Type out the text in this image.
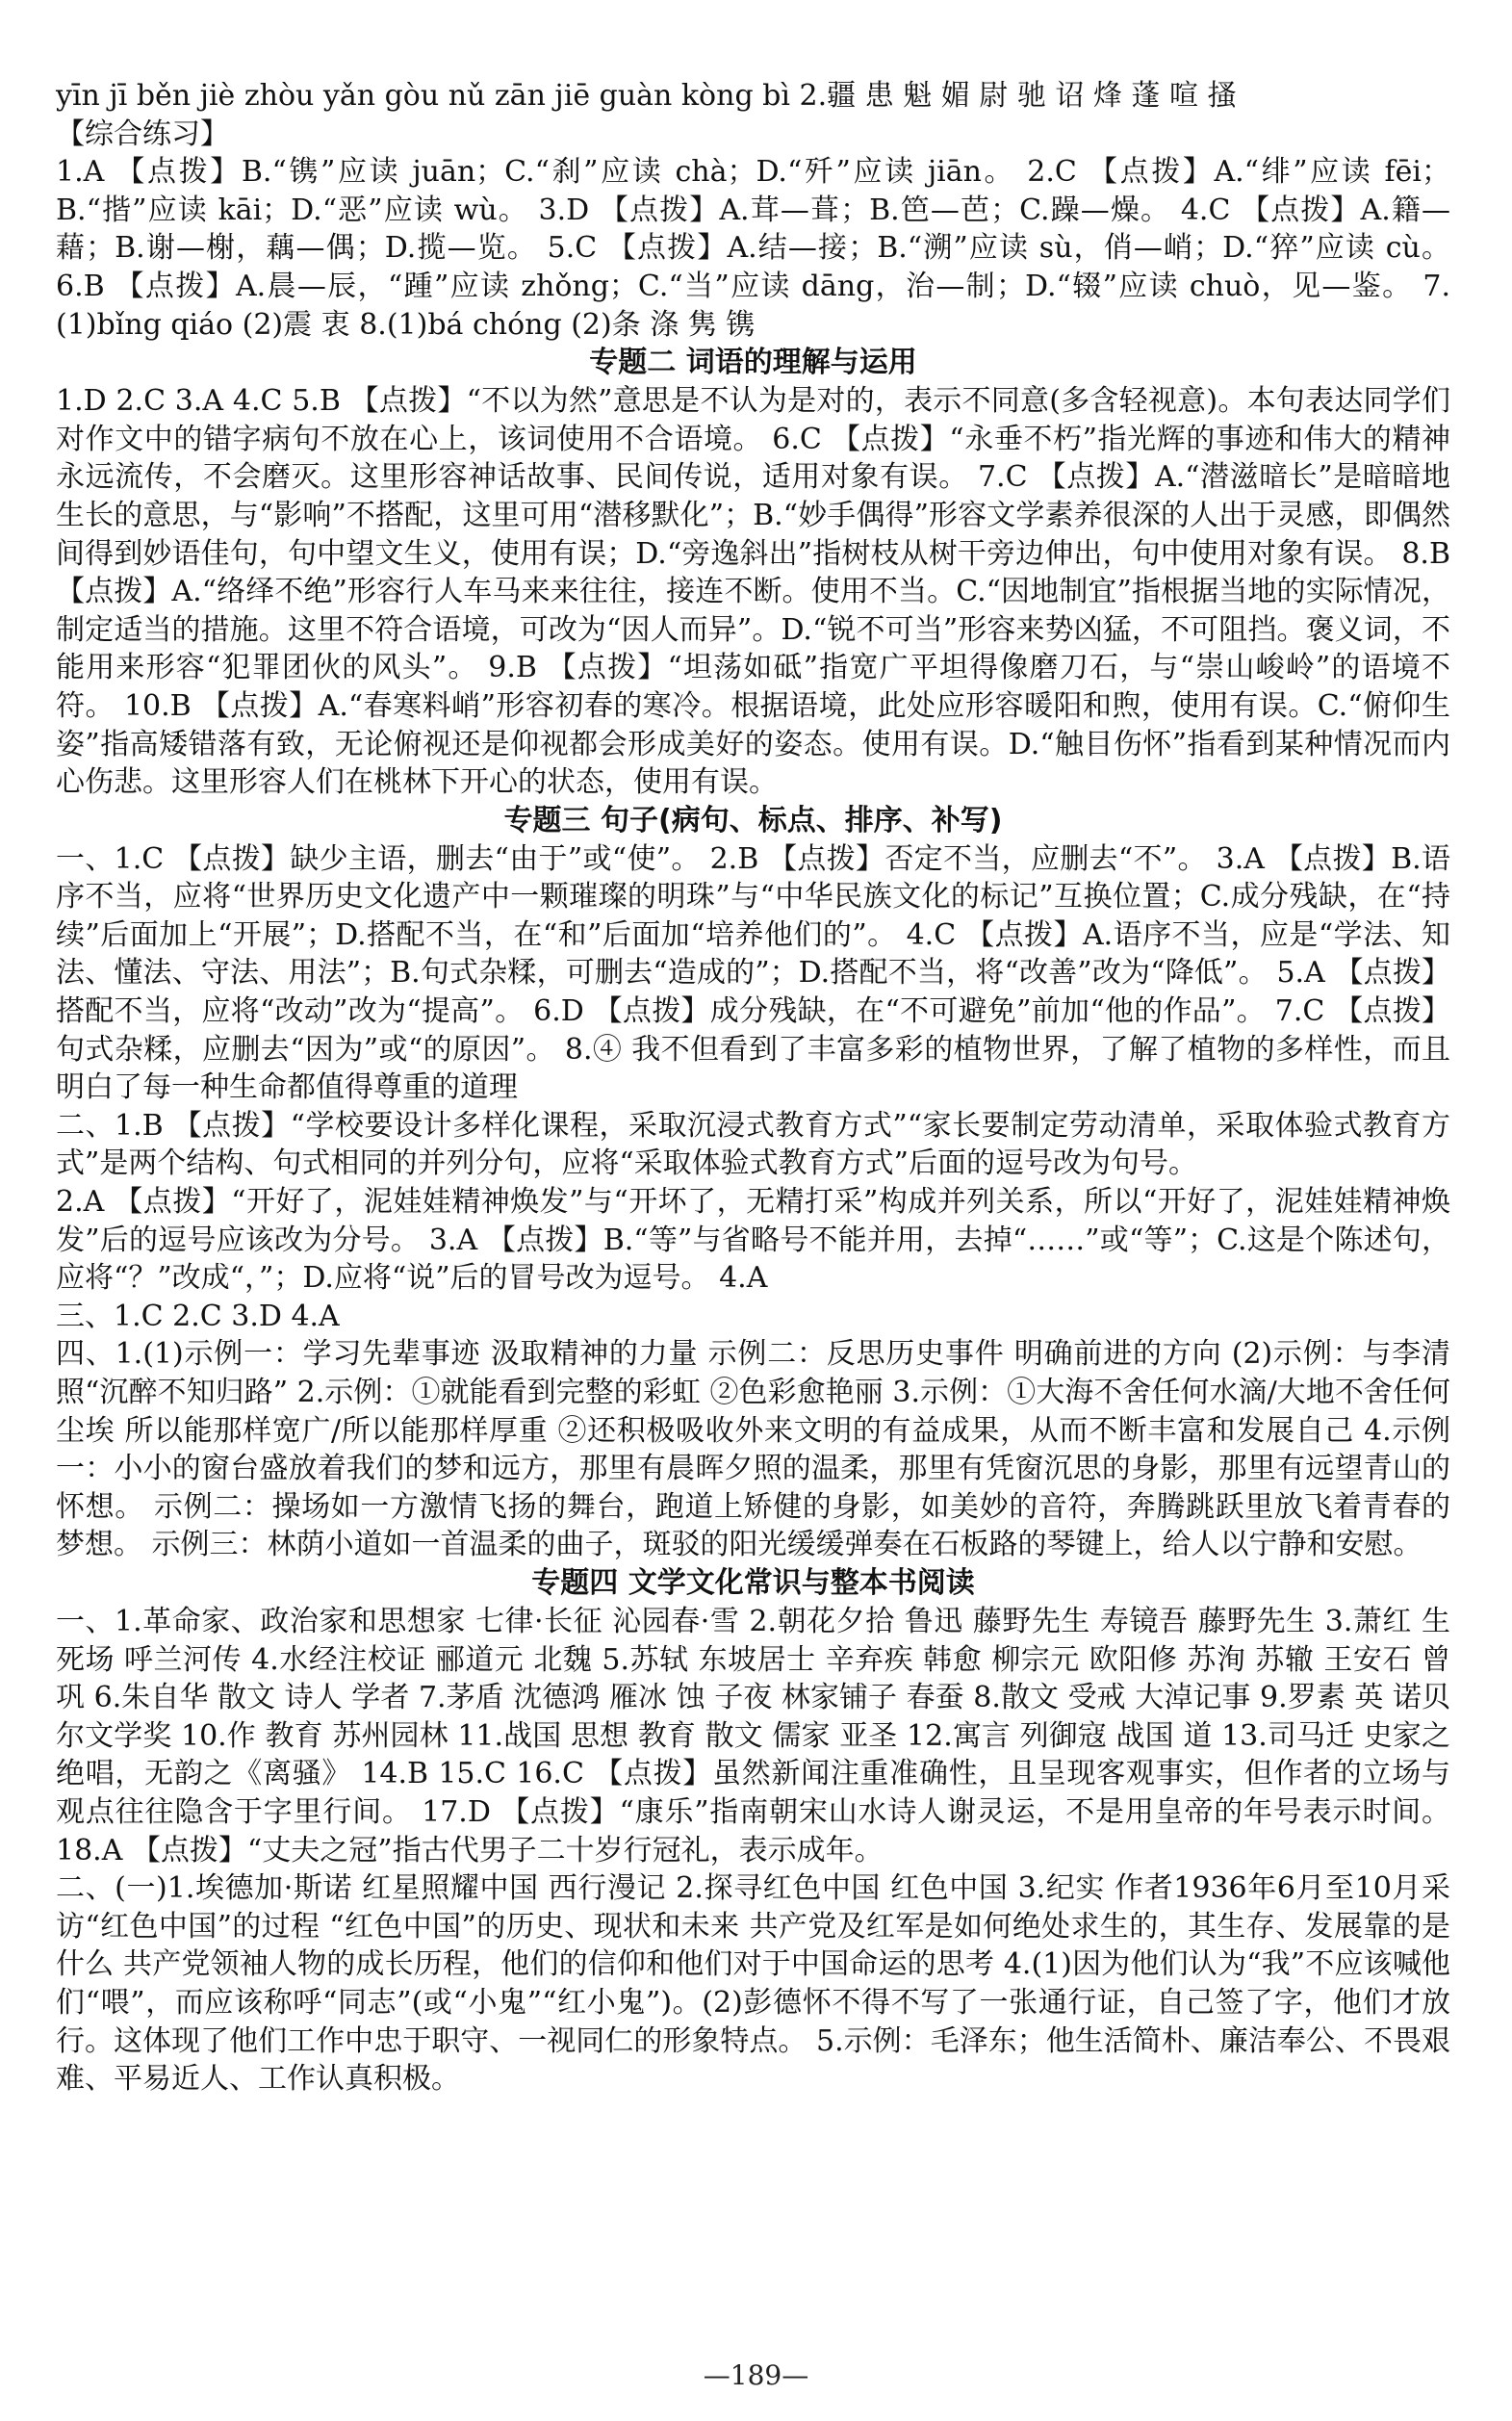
yīn jī běn jiè zhòu yǎn gòu nǔ zān jiē guàn kòng bì 2.疆 患 魁 媚 尉 驰 诏 烽 蓬 喧 搔

【综合练习】

1.A 【点拨】B.“镌”应读 juān；C.“刹”应读 chà；D.“歼”应读 jiān。 2.C 【点拨】A.“绯”应读 fēi；B.“揩”应读 kāi；D.“恶”应读 wù。 3.D 【点拨】A.茸—葺；B.笆—芭；C.躁—燥。 4.C 【点拨】A.籍—藉；B.谢—榭，藕—偶；D.揽—览。 5.C 【点拨】A.结—接；B.“溯”应读 sù，俏—峭；D.“猝”应读 cù。 6.B 【点拨】A.晨—辰，“踵”应读 zhǒng；C.“当”应读 dāng，治—制；D.“辍”应读 chuò，见—鉴。 7.(1)bǐng qiáo (2)震 衷 8.(1)bá chóng (2)条 涤 隽 镌

专题二 词语的理解与运用

1.D 2.C 3.A 4.C 5.B 【点拨】“不以为然”意思是不认为是对的，表示不同意(多含轻视意)。本句表达同学们对作文中的错字病句不放在心上，该词使用不合语境。 6.C 【点拨】“永垂不朽”指光辉的事迹和伟大的精神永远流传，不会磨灭。这里形容神话故事、民间传说，适用对象有误。 7.C 【点拨】A.“潜滋暗长”是暗暗地生长的意思，与“影响”不搭配，这里可用“潜移默化”；B.“妙手偶得”形容文学素养很深的人出于灵感，即偶然间得到妙语佳句，句中望文生义，使用有误；D.“旁逸斜出”指树枝从树干旁边伸出，句中使用对象有误。 8.B 【点拨】A.“络绎不绝”形容行人车马来来往往，接连不断。使用不当。C.“因地制宜”指根据当地的实际情况，制定适当的措施。这里不符合语境，可改为“因人而异”。D.“锐不可当”形容来势凶猛，不可阻挡。褒义词，不能用来形容“犯罪团伙的风头”。 9.B 【点拨】“坦荡如砥”指宽广平坦得像磨刀石，与“崇山峻岭”的语境不符。 10.B 【点拨】A.“春寒料峭”形容初春的寒冷。根据语境，此处应形容暖阳和煦，使用有误。C.“俯仰生姿”指高矮错落有致，无论俯视还是仰视都会形成美好的姿态。使用有误。D.“触目伤怀”指看到某种情况而内心伤悲。这里形容人们在桃林下开心的状态，使用有误。

专题三 句子(病句、标点、排序、补写)

一、1.C 【点拨】缺少主语，删去“由于”或“使”。 2.B 【点拨】否定不当，应删去“不”。 3.A 【点拨】B.语序不当，应将“世界历史文化遗产中一颗璀璨的明珠”与“中华民族文化的标记”互换位置；C.成分残缺，在“持续”后面加上“开展”；D.搭配不当，在“和”后面加“培养他们的”。 4.C 【点拨】A.语序不当，应是“学法、知法、懂法、守法、用法”；B.句式杂糅，可删去“造成的”；D.搭配不当，将“改善”改为“降低”。 5.A 【点拨】搭配不当，应将“改动”改为“提高”。 6.D 【点拨】成分残缺，在“不可避免”前加“他的作品”。 7.C 【点拨】句式杂糅，应删去“因为”或“的原因”。 8.④ 我不但看到了丰富多彩的植物世界，了解了植物的多样性，而且明白了每一种生命都值得尊重的道理

二、1.B 【点拨】“学校要设计多样化课程，采取沉浸式教育方式”“家长要制定劳动清单，采取体验式教育方式”是两个结构、句式相同的并列分句，应将“采取体验式教育方式”后面的逗号改为句号。

2.A 【点拨】“开好了，泥娃娃精神焕发”与“开坏了，无精打采”构成并列关系，所以“开好了，泥娃娃精神焕发”后的逗号应该改为分号。 3.A 【点拨】B.“等”与省略号不能并用，去掉“……”或“等”；C.这是个陈述句，应将“？”改成“，”；D.应将“说”后的冒号改为逗号。 4.A

三、1.C 2.C 3.D 4.A

四、1.(1)示例一：学习先辈事迹 汲取精神的力量 示例二：反思历史事件 明确前进的方向 (2)示例：与李清照“沉醉不知归路” 2.示例：①就能看到完整的彩虹 ②色彩愈艳丽 3.示例：①大海不舍任何水滴/大地不舍任何尘埃 所以能那样宽广/所以能那样厚重 ②还积极吸收外来文明的有益成果，从而不断丰富和发展自己 4.示例一：小小的窗台盛放着我们的梦和远方，那里有晨晖夕照的温柔，那里有凭窗沉思的身影，那里有远望青山的怀想。 示例二：操场如一方激情飞扬的舞台，跑道上矫健的身影，如美妙的音符，奔腾跳跃里放飞着青春的梦想。 示例三：林荫小道如一首温柔的曲子，斑驳的阳光缓缓弹奏在石板路的琴键上，给人以宁静和安慰。

专题四 文学文化常识与整本书阅读

一、1.革命家、政治家和思想家 七律·长征 沁园春·雪 2.朝花夕拾 鲁迅 藤野先生 寿镜吾 藤野先生 3.萧红 生死场 呼兰河传 4.水经注校证 郦道元 北魏 5.苏轼 东坡居士 辛弃疾 韩愈 柳宗元 欧阳修 苏洵 苏辙 王安石 曾巩 6.朱自华 散文 诗人 学者 7.茅盾 沈德鸿 雁冰 蚀 子夜 林家铺子 春蚕 8.散文 受戒 大淖记事 9.罗素 英 诺贝尔文学奖 10.作 教育 苏州园林 11.战国 思想 教育 散文 儒家 亚圣 12.寓言 列御寇 战国 道 13.司马迁 史家之绝唱，无韵之《离骚》 14.B 15.C 16.C 【点拨】虽然新闻注重准确性，且呈现客观事实，但作者的立场与观点往往隐含于字里行间。 17.D 【点拨】“康乐”指南朝宋山水诗人谢灵运，不是用皇帝的年号表示时间。 18.A 【点拨】“丈夫之冠”指古代男子二十岁行冠礼，表示成年。

二、(一)1.埃德加·斯诺 红星照耀中国 西行漫记 2.探寻红色中国 红色中国 3.纪实 作者1936年6月至10月采访“红色中国”的过程 “红色中国”的历史、现状和未来 共产党及红军是如何绝处求生的，其生存、发展靠的是什么 共产党领袖人物的成长历程，他们的信仰和他们对于中国命运的思考 4.(1)因为他们认为“我”不应该喊他们“喂”，而应该称呼“同志”(或“小鬼”“红小鬼”)。(2)彭德怀不得不写了一张通行证，自己签了字，他们才放行。这体现了他们工作中忠于职守、一视同仁的形象特点。 5.示例：毛泽东；他生活简朴、廉洁奉公、不畏艰难、平易近人、工作认真积极。

—189—
